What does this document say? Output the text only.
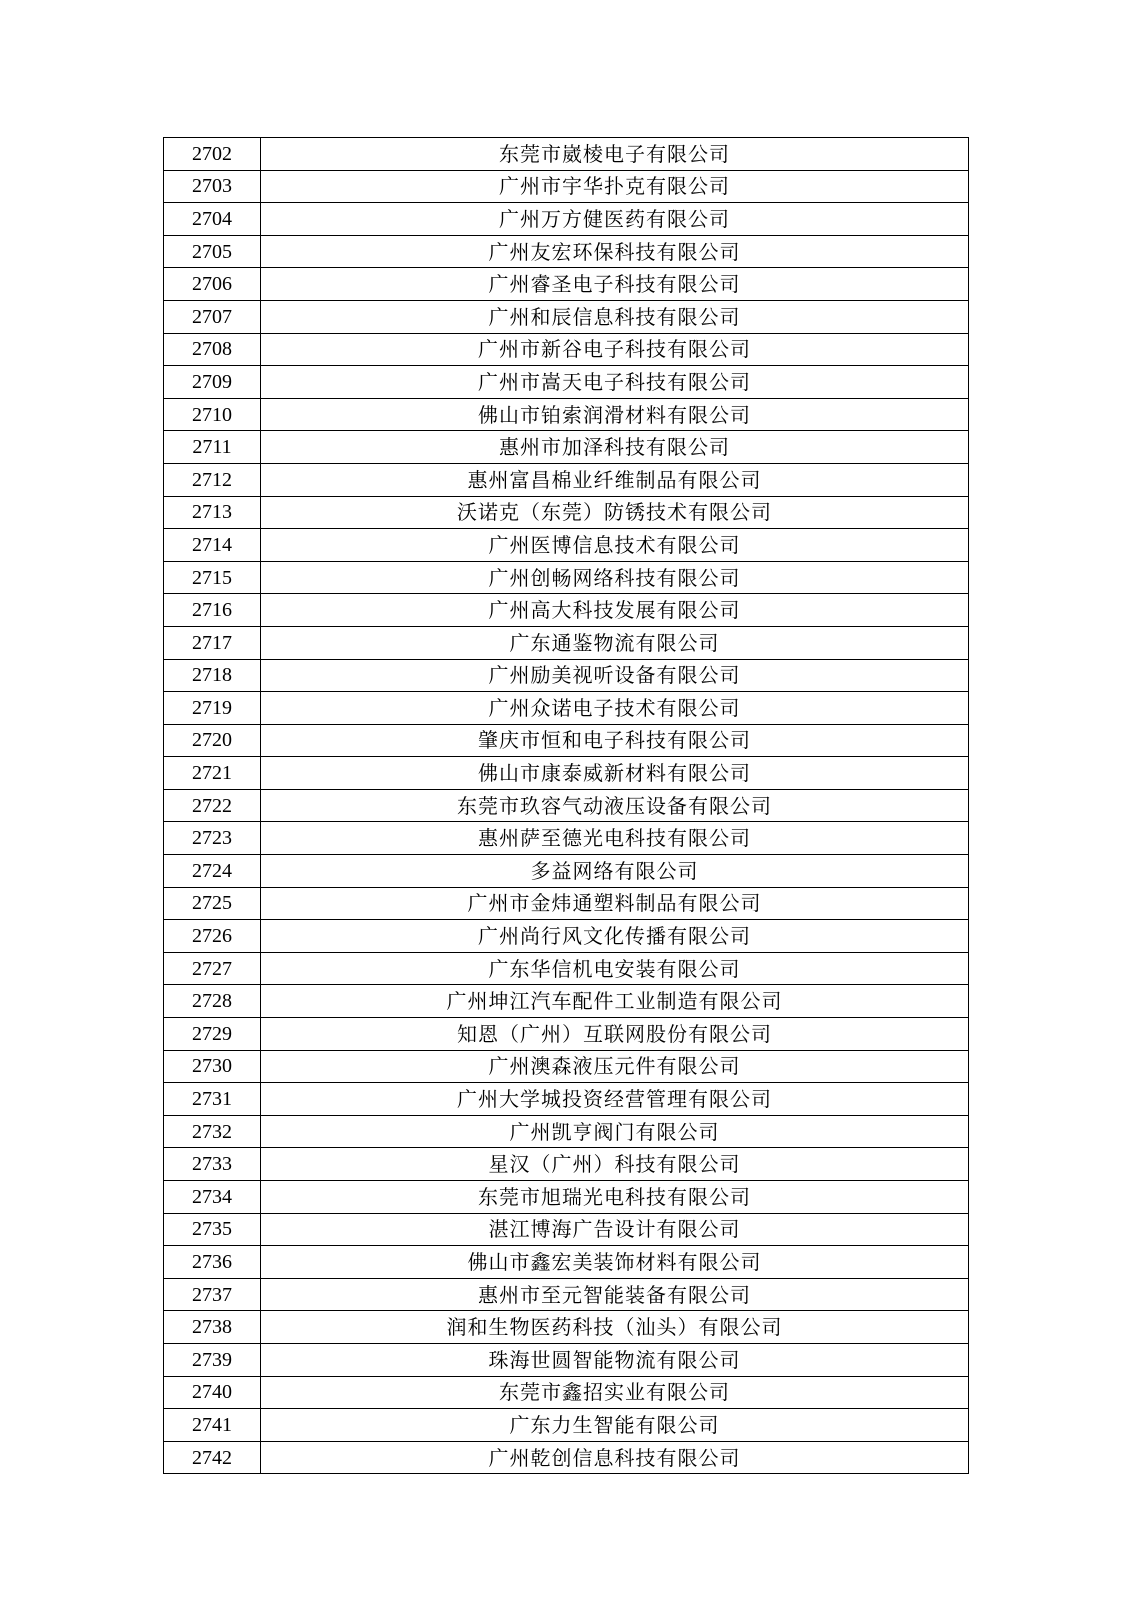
2702	东莞市崴棱电子有限公司
2703	广州市宇华扑克有限公司
2704	广州万方健医药有限公司
2705	广州友宏环保科技有限公司
2706	广州睿圣电子科技有限公司
2707	广州和辰信息科技有限公司
2708	广州市新谷电子科技有限公司
2709	广州市嵩天电子科技有限公司
2710	佛山市铂索润滑材料有限公司
2711	惠州市加泽科技有限公司
2712	惠州富昌棉业纤维制品有限公司
2713	沃诺克（东莞）防锈技术有限公司
2714	广州医博信息技术有限公司
2715	广州创畅网络科技有限公司
2716	广州高大科技发展有限公司
2717	广东通鉴物流有限公司
2718	广州励美视听设备有限公司
2719	广州众诺电子技术有限公司
2720	肇庆市恒和电子科技有限公司
2721	佛山市康泰威新材料有限公司
2722	东莞市玖容气动液压设备有限公司
2723	惠州萨至德光电科技有限公司
2724	多益网络有限公司
2725	广州市金炜通塑料制品有限公司
2726	广州尚行风文化传播有限公司
2727	广东华信机电安装有限公司
2728	广州坤江汽车配件工业制造有限公司
2729	知恩（广州）互联网股份有限公司
2730	广州澳森液压元件有限公司
2731	广州大学城投资经营管理有限公司
2732	广州凯亨阀门有限公司
2733	星汉（广州）科技有限公司
2734	东莞市旭瑞光电科技有限公司
2735	湛江博海广告设计有限公司
2736	佛山市鑫宏美装饰材料有限公司
2737	惠州市至元智能装备有限公司
2738	润和生物医药科技（汕头）有限公司
2739	珠海世圆智能物流有限公司
2740	东莞市鑫招实业有限公司
2741	广东力生智能有限公司
2742	广州乾创信息科技有限公司
